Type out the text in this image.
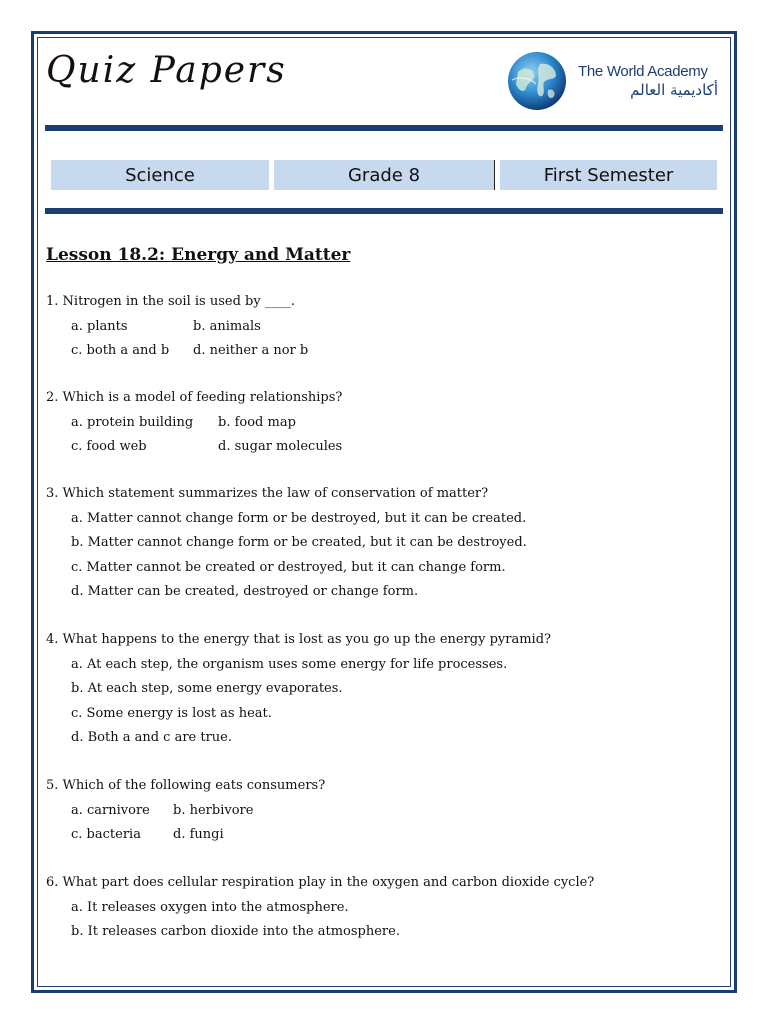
Quiz Papers	The World Academy
أكاديمية العالم
Science	Grade 8	First Semester
Lesson 18.2: Energy and Matter
1. Nitrogen in the soil is used by ____.
a. plants	b. animals
c. both a and b d. neither a nor b
2. Which is a model of feeding relationships?
a. protein building b. food map
c. food web	d. sugar molecules
3. Which statement summarizes the law of conservation of matter?
a. Matter cannot change form or be destroyed, but it can be created.
b. Matter cannot change form or be created, but it can be destroyed.
c. Matter cannot be created or destroyed, but it can change form.
d. Matter can be created, destroyed or change form.
4. What happens to the energy that is lost as you go up the energy pyramid?
a. At each step, the organism uses some energy for life processes.
b. At each step, some energy evaporates.
c. Some energy is lost as heat.
d. Both a and c are true.
5. Which of the following eats consumers?
a. carnivore b. herbivore
c. bacteria d. fungi
6. What part does cellular respiration play in the oxygen and carbon dioxide cycle?
a. It releases oxygen into the atmosphere.
b. It releases carbon dioxide into the atmosphere.
